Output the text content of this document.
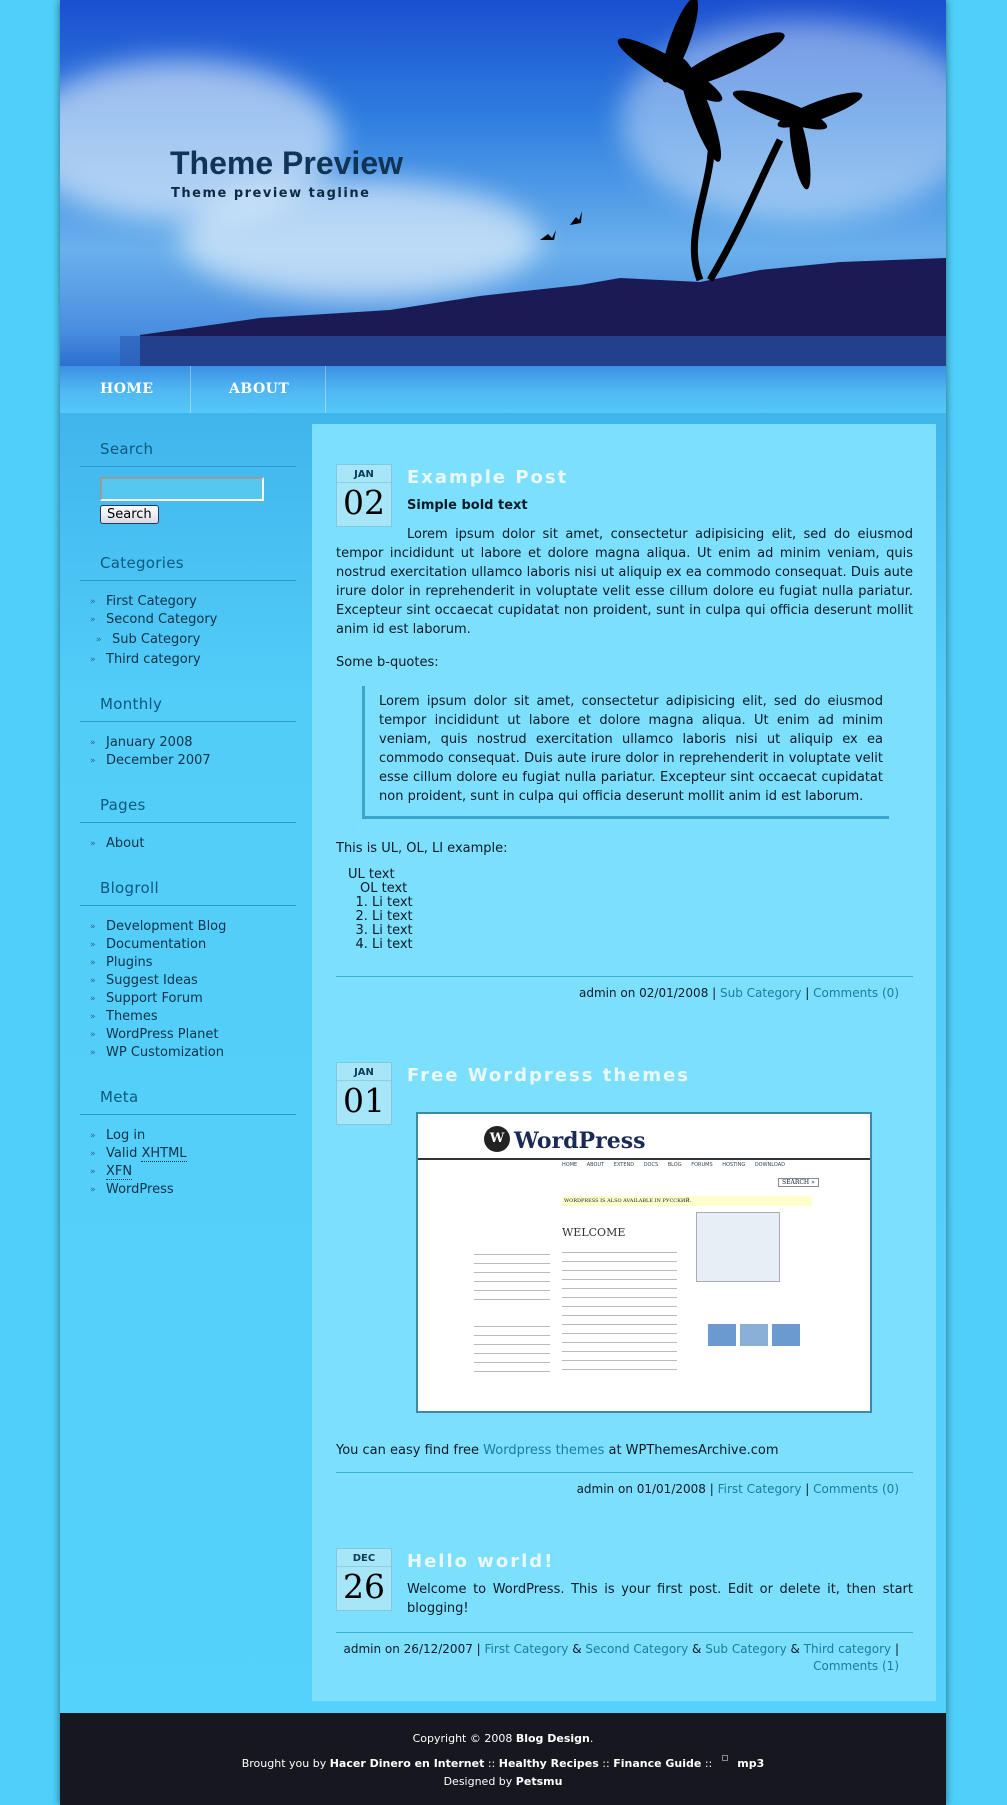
Theme Preview
Theme preview tagline
HOME	ABOUT
Search
Search
Categories
» First Category
» Second Category
» Sub Category
» Third category
Monthly
» January 2008
» December 2007
Pages
» About
Blogroll
» Development Blog
» Documentation
» Plugins
» Suggest Ideas
» Support Forum
» Themes
» WordPress Planet
» WP Customization
Meta
» Log in
» Valid XHTML
» XFN
» WordPress
JAN
02
Example Post

Simple bold text

Lorem ipsum dolor sit amet, consectetur adipisicing elit, sed do eiusmod tempor incididunt ut labore et dolore magna aliqua. Ut enim ad minim veniam, quis nostrud exercitation ullamco laboris nisi ut aliquip ex ea commodo consequat. Duis aute irure dolor in reprehenderit in voluptate velit esse cillum dolore eu fugiat nulla pariatur. Excepteur sint occaecat cupidatat non proident, sunt in culpa qui officia deserunt mollit anim id est laborum.

Some b-quotes:

Lorem ipsum dolor sit amet, consectetur adipisicing elit, sed do eiusmod tempor incididunt ut labore et dolore magna aliqua. Ut enim ad minim veniam, quis nostrud exercitation ullamco laboris nisi ut aliquip ex ea commodo consequat. Duis aute irure dolor in reprehenderit in voluptate velit esse cillum dolore eu fugiat nulla pariatur. Excepteur sint occaecat cupidatat non proident, sunt in culpa qui officia deserunt mollit anim id est laborum.

This is UL, OL, LI example:

UL text
OL text
1. Li text
2. Li text
3. Li text
4. Li text
admin on 02/01/2008 | Sub Category | Comments (0)
JAN
01
Free Wordpress themes
W WordPress
HOME ABOUT EXTEND DOCS BLOG FORUMS HOSTING DOWNLOAD
SEARCH »
WORDPRESS IS ALSO AVAILABLE IN РУССКИЙ.
WELCOME

You can easy find free Wordpress themes at WPThemesArchive.com

admin on 01/01/2008 | First Category | Comments (0)
DEC
26
Hello world!

Welcome to WordPress. This is your first post. Edit or delete it, then start blogging!

admin on 26/12/2007 | First Category & Second Category & Sub Category & Third category |
Comments (1)
Copyright © 2008 Blog Design.
Brought you by Hacer Dinero en Internet :: Healthy Recipes :: Finance Guide ::  mp3
Designed by Petsmu
